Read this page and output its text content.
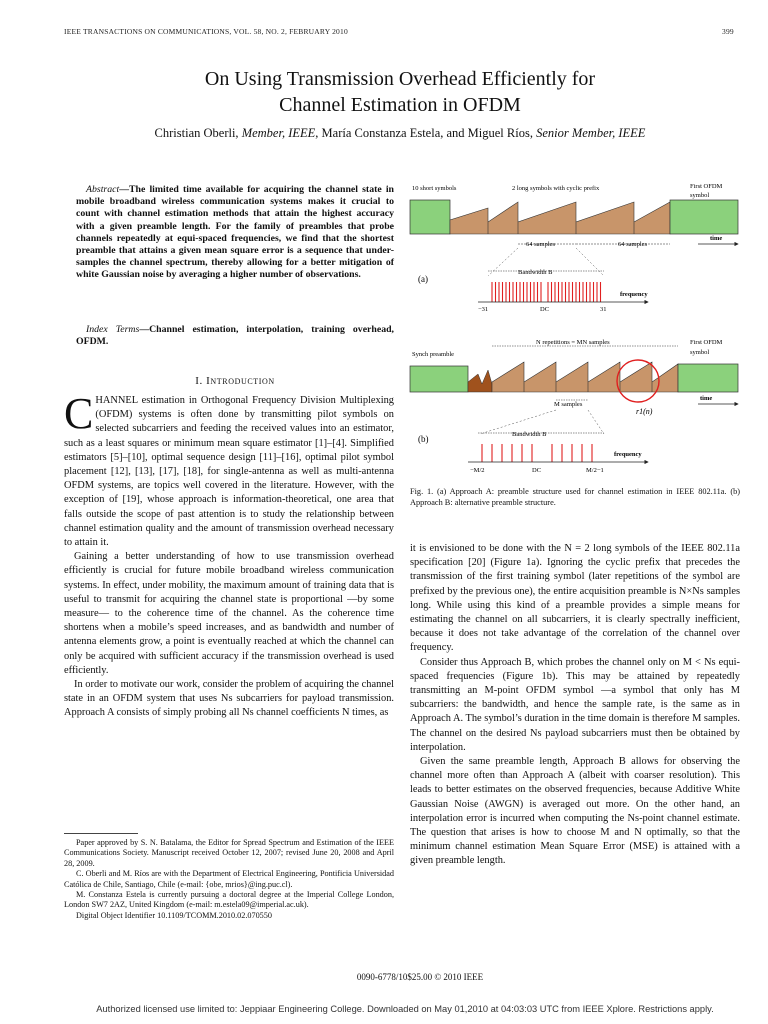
IEEE TRANSACTIONS ON COMMUNICATIONS, VOL. 58, NO. 2, FEBRUARY 2010	399
On Using Transmission Overhead Efficiently for
Channel Estimation in OFDM
Christian Oberli, Member, IEEE, María Constanza Estela, and Miguel Ríos, Senior Member, IEEE
Abstract—The limited time available for acquiring the channel state in mobile broadband wireless communication systems makes it crucial to count with channel estimation methods that attain the highest accuracy with a given preamble length. For the family of preambles that probe channels repeatedly at equi-spaced frequencies, we find that the shortest preamble that attains a given mean square error is a sequence that under-samples the channel spectrum, thereby allowing for a better mitigation of white Gaussian noise by averaging a higher number of observations.
Index Terms—Channel estimation, interpolation, training overhead, OFDM.
I. Introduction

CHANNEL estimation in Orthogonal Frequency Division Multiplexing (OFDM) systems is often done by transmitting pilot symbols on selected subcarriers and feeding the received values into an estimator, such as a least squares or minimum mean square estimator [1]–[4]. Simplified estimators [5]–[10], optimal sequence design [11]–[16], optimal pilot symbol placement [12], [13], [17], [18], for single-antenna as well as multi-antenna OFDM systems, are topics well covered in the literature. However, with the exception of [19], whose approach is information-theoretical, one area that falls outside the scope of past attention is to study the relationship between channel estimation quality and the amount of transmission overhead necessary to attain it.

Gaining a better understanding of how to use transmission overhead efficiently is crucial for future mobile broadband wireless communication systems. In effect, under mobility, the maximum amount of training data that is useful to transmit for acquiring the channel state is proportional —by some measure— to the coherence time of the channel. As the coherence time shortens when a mobile’s speed increases, and as bandwidth and number of antenna elements grow, a point is eventually reached at which the channel can only be acquired with sufficient accuracy if the transmission overhead is used efficiently.

In order to motivate our work, consider the problem of acquiring the channel state in an OFDM system that uses Ns subcarriers for payload transmission. Approach A consists of simply probing all Ns channel coefficients N times, as

Paper approved by S. N. Batalama, the Editor for Spread Spectrum and Estimation of the IEEE Communications Society. Manuscript received October 12, 2007; revised June 20, 2008 and April 28, 2009.

C. Oberli and M. Ríos are with the Department of Electrical Engineering, Pontificia Universidad Católica de Chile, Santiago, Chile (e-mail: {obe, mrios}@ing.puc.cl).

M. Constanza Estela is currently pursuing a doctoral degree at the Imperial College London, London SW7 2AZ, United Kingdom (e-mail: m.estela09@imperial.ac.uk).

Digital Object Identifier 10.1109/TCOMM.2010.02.070550

10 short symbols	2 long symbols with cyclic prefix	First OFDM
symbol
64 samples	64 samples
time
Bandwidth B
frequency
(a)
−31	DC	31
Synch preamble
N repetitions = MN samples	First OFDM
symbol
M samples
time
r1(n)
(b)	Bandwidth B
frequency
−M/2	DC	M/2−1
Fig. 1. (a) Approach A: preamble structure used for channel estimation in IEEE 802.11a. (b) Approach B: alternative preamble structure.

it is envisioned to be done with the N = 2 long symbols of the IEEE 802.11a specification [20] (Figure 1a). Ignoring the cyclic prefix that precedes the transmission of the first training symbol (later repetitions of the symbol are prefixed by the previous one), the entire acquisition preamble is N×Ns samples long. While using this kind of a preamble provides a simple means for estimating the channel on all subcarriers, it is clearly spectrally inefficient, because it does not take advantage of the correlation of the channel over frequency.

Consider thus Approach B, which probes the channel only on M < Ns equi-spaced frequencies (Figure 1b). This may be attained by repeatedly transmitting an M-point OFDM symbol —a symbol that only has M subcarriers: the bandwidth, and hence the sample rate, is the same as in Approach A. The symbol’s duration in the time domain is therefore M samples. The channel on the desired Ns payload subcarriers must then be obtained by interpolation.

Given the same preamble length, Approach B allows for observing the channel more often than Approach A (albeit with coarser resolution). This leads to better estimates on the observed frequencies, because Additive White Gaussian Noise (AWGN) is averaged out more. On the other hand, an interpolation error is incurred when computing the Ns-point channel estimate. The question that arises is how to choose M and N optimally, so that the minimum channel estimation Mean Square Error (MSE) is attained with a given preamble length.

0090-6778/10$25.00 © 2010 IEEE
Authorized licensed use limited to: Jeppiaar Engineering College. Downloaded on May 01,2010 at 04:03:03 UTC from IEEE Xplore. Restrictions apply.
